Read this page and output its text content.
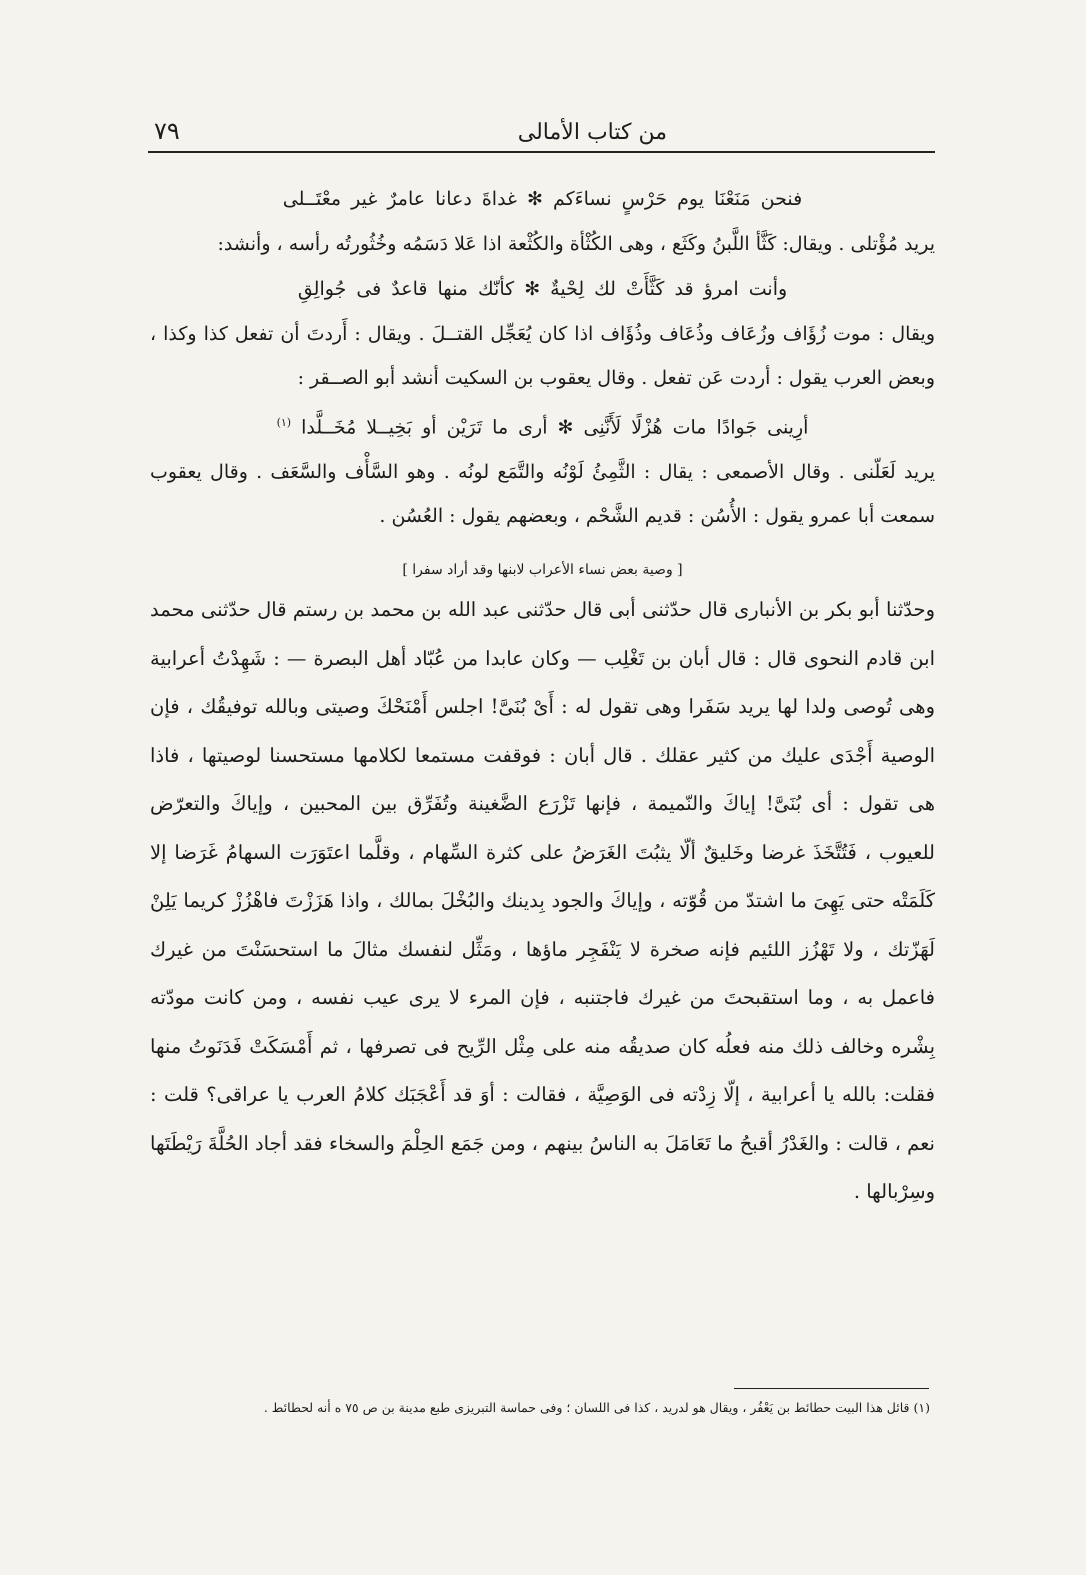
٧٩	من كتاب الأمالى
فنحن مَنَعْنَا يوم حَرْسٍ نساءَكم ✻ غداةَ دعانا عامرٌ غير معْتَــلى

يريد مُؤْتلى . ويقال: كَثَّأ اللَّبنُ وكَثَع ، وهى الكُثْأة والكُثْعة اذا عَلا دَسَمُه وخُثُورتُه رأسه ، وأنشد:

وأنت امرؤ قد كَثَّأَتْ لك لِحْيةٌ ✻ كأنّك منها قاعدٌ فى جُوالِقِ

ويقال : موت زُؤَاف وزُعَاف وذُعَاف وذُؤَاف اذا كان يُعَجِّل القتــلَ . ويقال : أَردتَ أن تفعل كذا وكذا ، وبعض العرب يقول : أردت عَن تفعل . وقال يعقوب بن السكيت أنشد أبو الصــقر :

أرِينى جَوادًا مات هُزْلًا لَأَنَّنِى ✻ أرى ما تَرَيْن أو بَخِيــلا مُخَــلَّدا $^{(١)}$

يريد لَعَلّنى . وقال الأصمعى : يقال : الثَّمِئُ لَوْنُه والتَّمَع لونُه . وهو السَّأْف والسَّعَف . وقال يعقوب سمعت أبا عمرو يقول : الأُسُن : قديم الشَّحْم ، وبعضهم يقول : العُسُن .

[ وصية بعض نساء الأعراب لابنها وقد أراد سفرا ]

وحدّثنا أبو بكر بن الأنبارى قال حدّثنى أبى قال حدّثنى عبد الله بن محمد بن رستم قال حدّثنى محمد ابن قادم النحوى قال : قال أبان بن تَغْلِب — وكان عابدا من عُبّاد أهل البصرة — : شَهِدْتُ أعرابية وهى تُوصى ولدا لها يريد سَفَرا وهى تقول له : أَىْ بُنَىَّ! اجلس أَمْنَحْكَ وصيتى وبالله توفيقُك ، فإن الوصية أَجْدَى عليك من كثير عقلك . قال أبان : فوقفت مستمعا لكلامها مستحسنا لوصيتها ، فاذا هى تقول : أى بُنَىَّ! إياكَ والنّميمة ، فإنها تَزْرَع الضَّغينة وتُفَرِّق بين المحبين ، وإياكَ والتعرّض للعيوب ، فَتُتَّخَذَ غرضا وخَليقٌ ألّا يثبُتَ الغَرَضُ على كثرة السِّهام ، وقلَّما اعتَوَرَت السهامُ غَرَضا إلا كَلَمَتْه حتى يَهِىَ ما اشتدّ من قُوّته ، وإياكَ والجود بِدينك والبُخْلَ بمالك ، واذا هَزَزْتَ فاهْزُزْ كريما يَلِنْ لَهَزّتك ، ولا تَهْزُز اللئيم فإنه صخرة لا يَنْفَجِر ماؤها ، ومَثِّل لنفسك مثالَ ما استحسَنْتَ من غيرك فاعمل به ، وما استقبحتَ من غيرك فاجتنبه ، فإن المرء لا يرى عيب نفسه ، ومن كانت مودّته بِشْره وخالف ذلك منه فعلُه كان صديقُه منه على مِثْل الرِّيح فى تصرفها ، ثم أَمْسَكَتْ فَدَنَوتُ منها فقلت: بالله يا أعرابية ، إلّا زِدْته فى الوَصِيَّة ، فقالت : أوَ قد أَعْجَبَك كلامُ العرب يا عراقى؟ قلت : نعم ، قالت : والغَدْرُ أقبحُ ما تَعَامَلَ به الناسُ بينهم ، ومن جَمَع الحِلْمَ والسخاء فقد أجاد الحُلَّةَ رَيْطَتَها وسِرْبالها .

(١) قائل هذا البيت حطائط بن يَعْفُر ، ويقال هو لدريد ، كذا فى اللسان ؛ وفى حماسة التبريزى طبع مدينة بن ص ٧٥ ه أنه لحطائط .
